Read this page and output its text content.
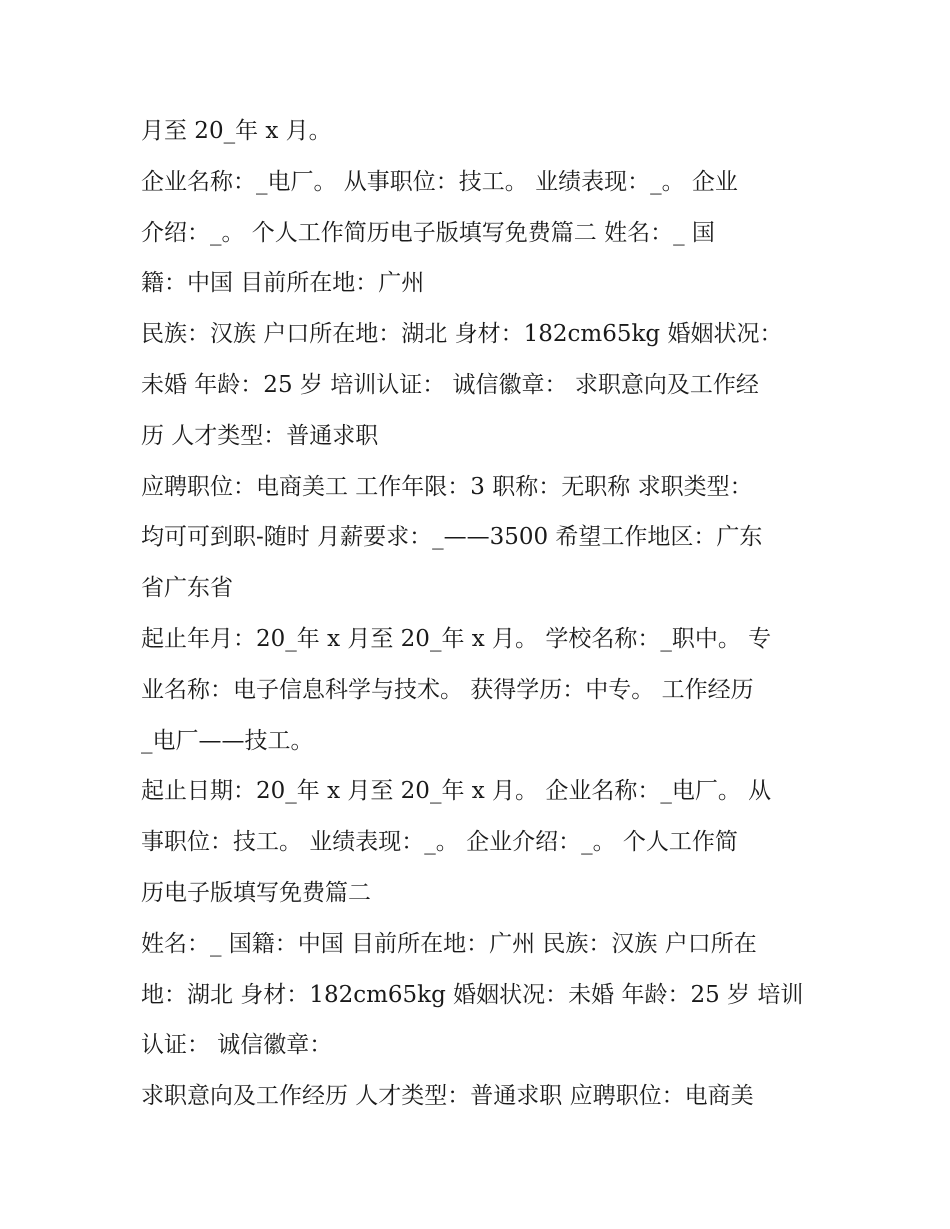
月至 20_年 x 月。
企业名称：_电厂。 从事职位：技工。 业绩表现：_。 企业
介绍：_。 个人工作简历电子版填写免费篇二 姓名：_ 国
籍：中国 目前所在地：广州
民族：汉族 户口所在地：湖北 身材：182cm65kg 婚姻状况：
未婚 年龄：25 岁 培训认证： 诚信徽章： 求职意向及工作经
历 人才类型：普通求职
应聘职位：电商美工 工作年限：3 职称：无职称 求职类型：
均可可到职-随时 月薪要求：_——3500 希望工作地区：广东
省广东省
起止年月：20_年 x 月至 20_年 x 月。 学校名称：_职中。 专
业名称：电子信息科学与技术。 获得学历：中专。 工作经历
_电厂——技工。
起止日期：20_年 x 月至 20_年 x 月。 企业名称：_电厂。 从
事职位：技工。 业绩表现：_。 企业介绍：_。 个人工作简
历电子版填写免费篇二
姓名：_ 国籍：中国 目前所在地：广州 民族：汉族 户口所在
地：湖北 身材：182cm65kg 婚姻状况：未婚 年龄：25 岁 培训
认证： 诚信徽章：
求职意向及工作经历 人才类型：普通求职 应聘职位：电商美
